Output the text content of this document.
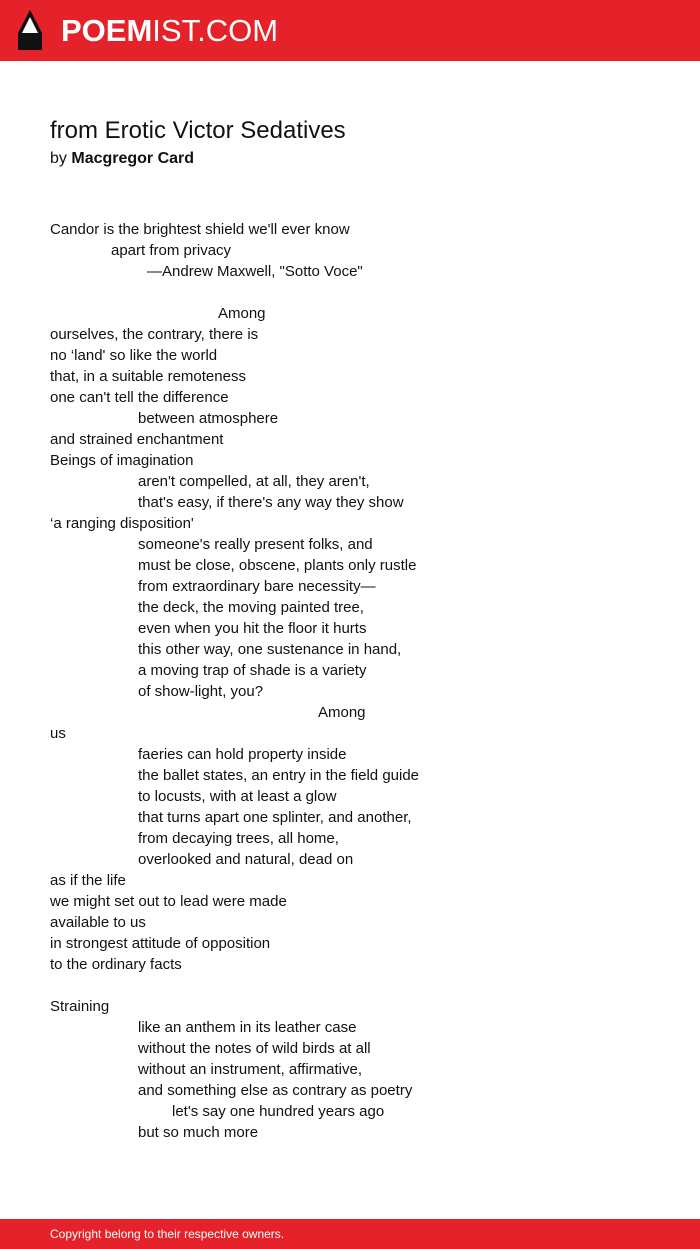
POEMIST.COM
from Erotic Victor Sedatives
by Macgregor Card
Candor is the brightest shield we'll ever know
apart from privacy
—Andrew Maxwell, "Sotto Voce"
Among
ourselves, the contrary, there is
no ‘land' so like the world
that, in a suitable remoteness
one can't tell the difference
between atmosphere
and strained enchantment
Beings of imagination
aren't compelled, at all, they aren't,
that's easy, if there's any way they show
‘a ranging disposition'
someone's really present folks, and
must be close, obscene, plants only rustle
from extraordinary bare necessity—
the deck, the moving painted tree,
even when you hit the floor it hurts
this other way, one sustenance in hand,
a moving trap of shade is a variety
of show-light, you?
Among
us
faeries can hold property inside
the ballet states, an entry in the field guide
to locusts, with at least a glow
that turns apart one splinter, and another,
from decaying trees, all home,
overlooked and natural, dead on
as if the life
we might set out to lead were made
available to us
in strongest attitude of opposition
to the ordinary facts
Straining
like an anthem in its leather case
without the notes of wild birds at all
without an instrument, affirmative,
and something else as contrary as poetry
let's say one hundred years ago
but so much more
Copyright belong to their respective owners.
